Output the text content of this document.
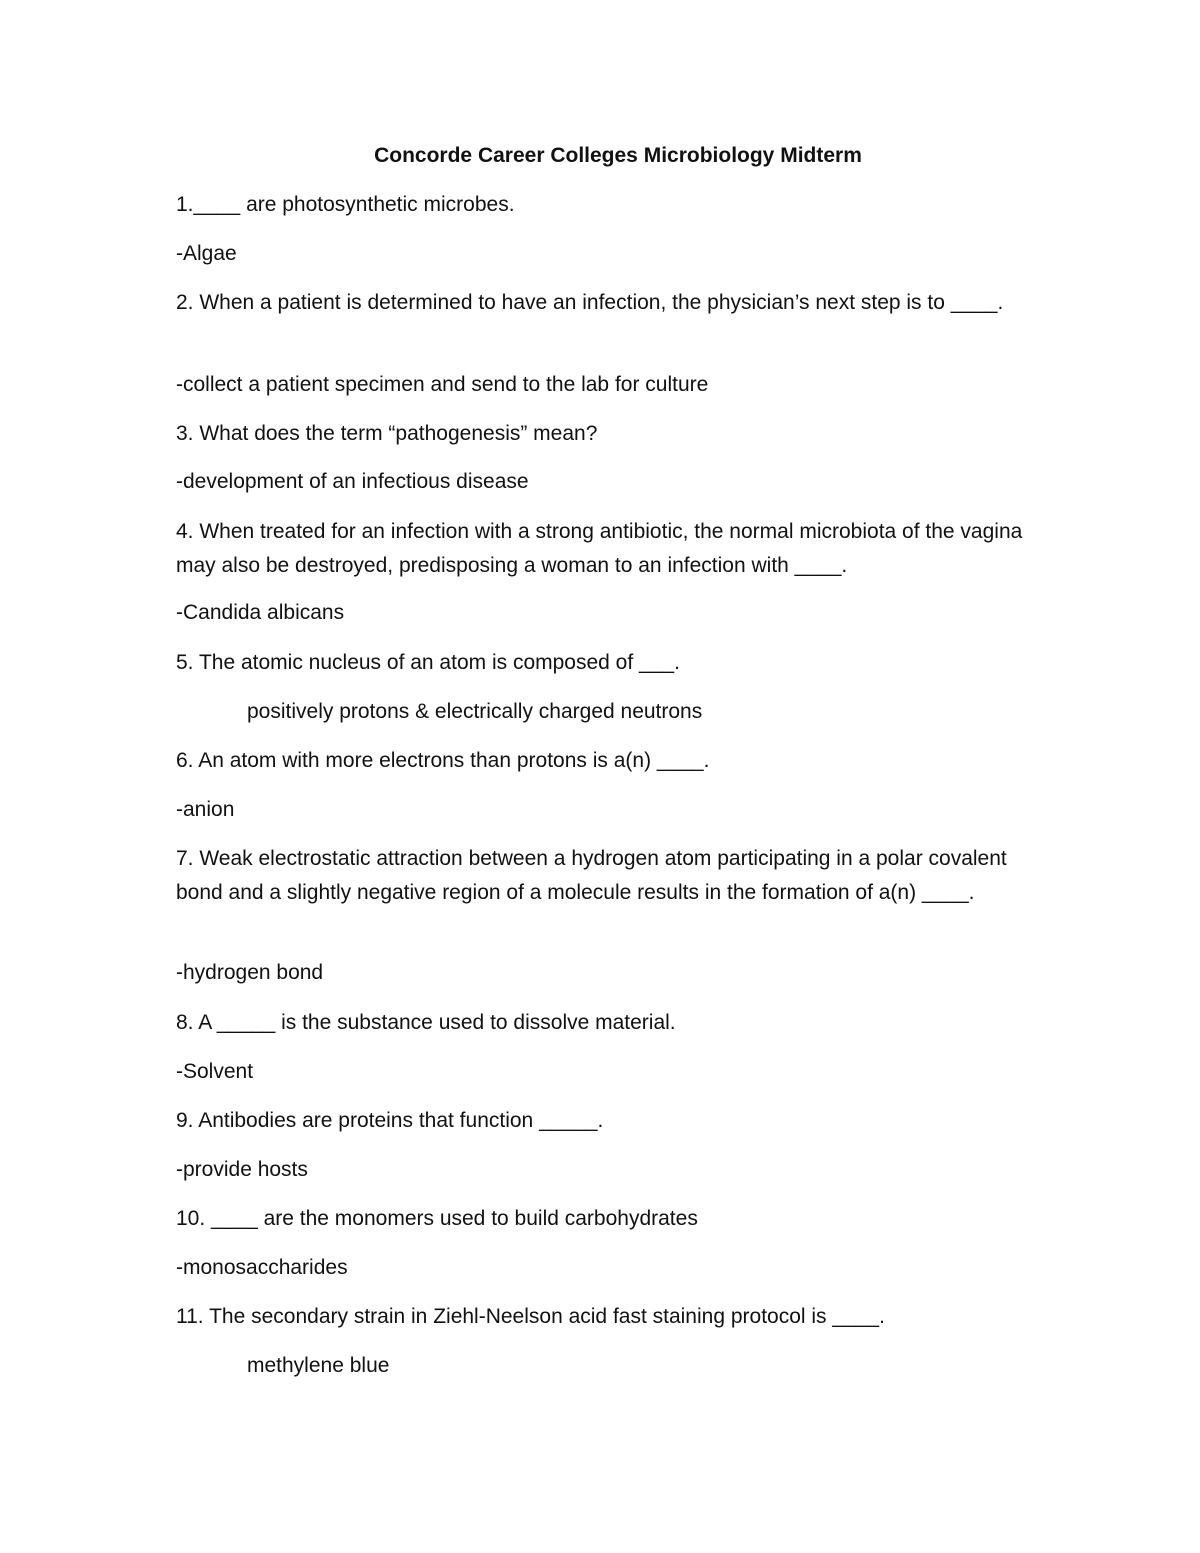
Concorde Career Colleges Microbiology Midterm

1.____ are photosynthetic microbes.

-Algae

2. When a patient is determined to have an infection, the physician’s next step is to ____.

-collect a patient specimen and send to the lab for culture

3. What does the term “pathogenesis” mean?

-development of an infectious disease

4. When treated for an infection with a strong antibiotic, the normal microbiota of the vagina may also be destroyed, predisposing a woman to an infection with ____.

-Candida albicans

5. The atomic nucleus of an atom is composed of ___.

positively protons & electrically charged neutrons

6. An atom with more electrons than protons is a(n) ____.

-anion

7. Weak electrostatic attraction between a hydrogen atom participating in a polar covalent bond and a slightly negative region of a molecule results in the formation of a(n) ____.

-hydrogen bond

8. A _____ is the substance used to dissolve material.

-Solvent

9. Antibodies are proteins that function _____.

-provide hosts

10. ____ are the monomers used to build carbohydrates

-monosaccharides

11. The secondary strain in Ziehl-Neelson acid fast staining protocol is ____.

methylene blue
